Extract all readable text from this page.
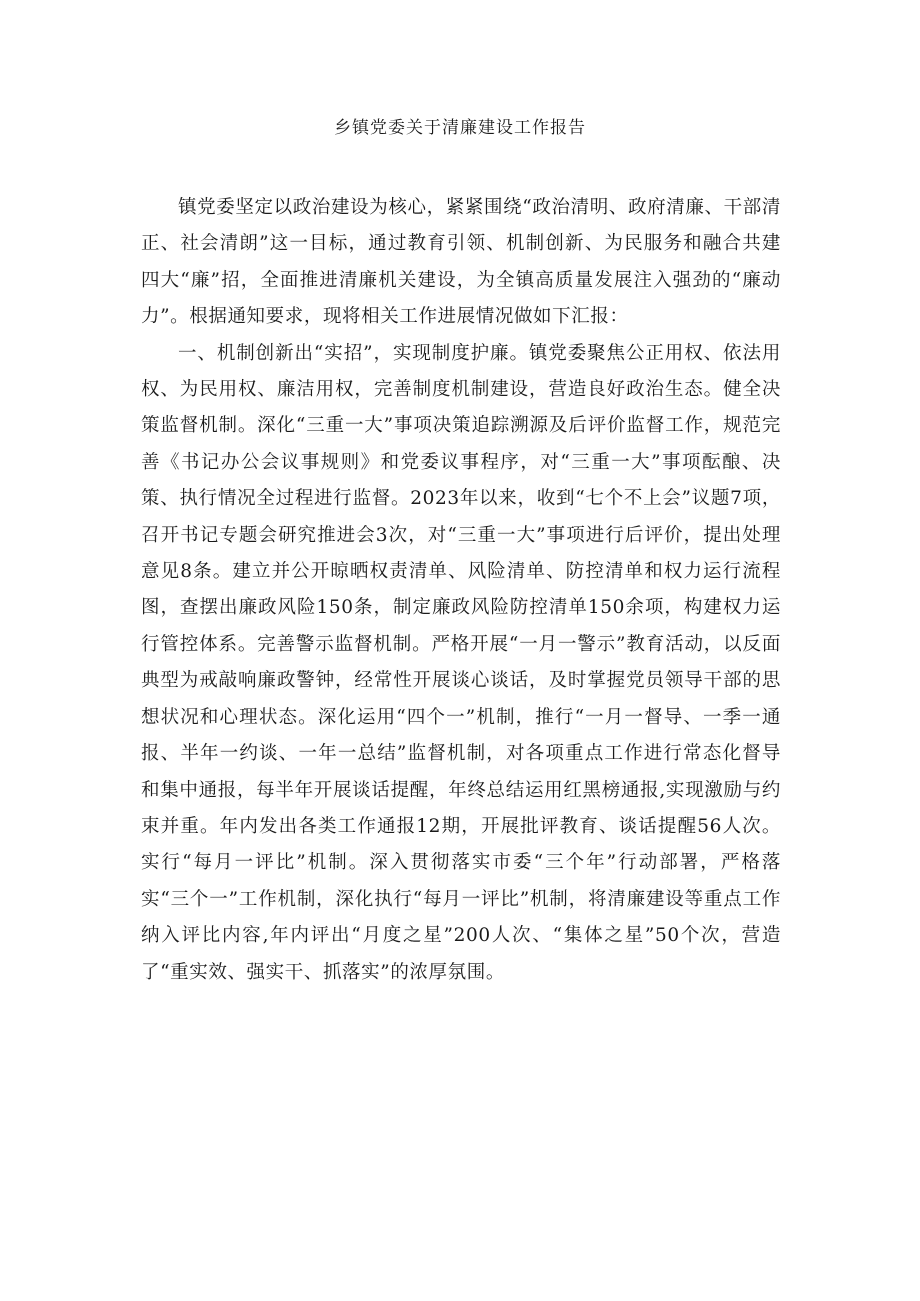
乡镇党委关于清廉建设工作报告

镇党委坚定以政治建设为核心，紧紧围绕“政治清明、政府清廉、干部清正、社会清朗”这一目标，通过教育引领、机制创新、为民服务和融合共建四大“廉”招，全面推进清廉机关建设，为全镇高质量发展注入强劲的“廉动力”。根据通知要求，现将相关工作进展情况做如下汇报：

一、机制创新出“实招”，实现制度护廉。镇党委聚焦公正用权、依法用权、为民用权、廉洁用权，完善制度机制建设，营造良好政治生态。健全决策监督机制。深化“三重一大”事项决策追踪溯源及后评价监督工作，规范完善《书记办公会议事规则》和党委议事程序，对“三重一大”事项酝酿、决策、执行情况全过程进行监督。2023年以来，收到“七个不上会”议题7项，召开书记专题会研究推进会3次，对“三重一大”事项进行后评价，提出处理意见8条。建立并公开晾晒权责清单、风险清单、防控清单和权力运行流程图，查摆出廉政风险150条，制定廉政风险防控清单150余项，构建权力运行管控体系。完善警示监督机制。严格开展“一月一警示”教育活动，以反面典型为戒敲响廉政警钟，经常性开展谈心谈话，及时掌握党员领导干部的思想状况和心理状态。深化运用“四个一”机制，推行“一月一督导、一季一通报、半年一约谈、一年一总结”监督机制，对各项重点工作进行常态化督导和集中通报，每半年开展谈话提醒，年终总结运用红黑榜通报,实现激励与约束并重。年内发出各类工作通报12期，开展批评教育、谈话提醒56人次。实行“每月一评比”机制。深入贯彻落实市委“三个年”行动部署，严格落实“三个一”工作机制，深化执行“每月一评比”机制，将清廉建设等重点工作纳入评比内容,年内评出“月度之星”200人次、“集体之星”50个次，营造了“重实效、强实干、抓落实”的浓厚氛围。
